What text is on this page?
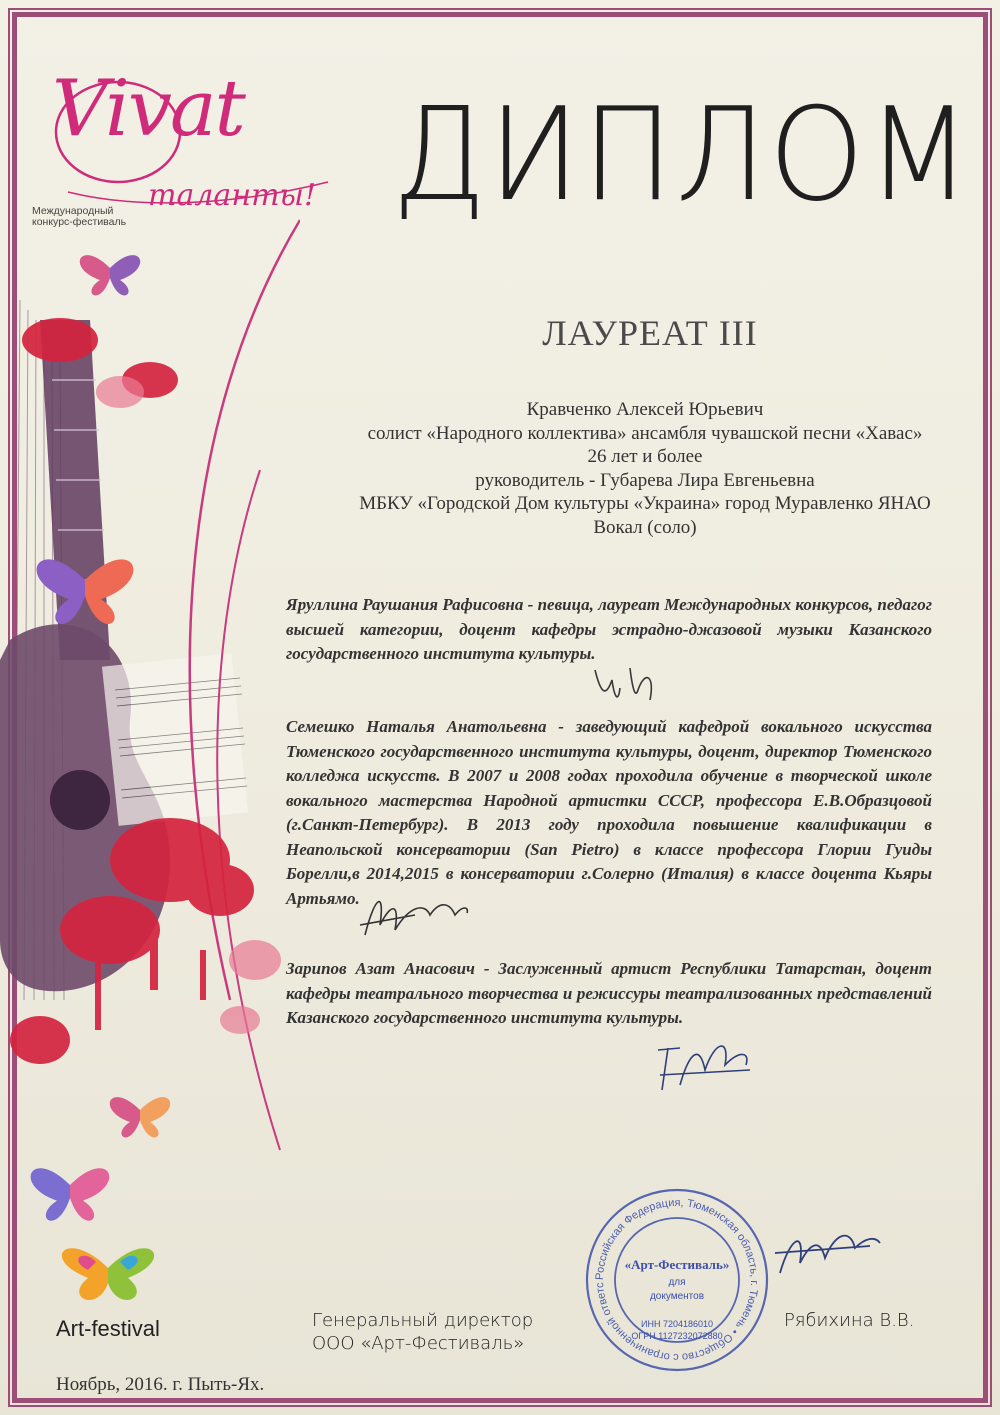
Vivat
таланты!
Международный
конкурс-фестиваль ДИПЛОМ
ЛАУРЕАТ III
Кравченко Алексей Юрьевич
солист «Народного коллектива» ансамбля чувашской песни «Хавас»
26 лет и более
руководитель - Губарева Лира Евгеньевна
МБКУ «Городской Дом культуры «Украина» город Муравленко ЯНАО
Вокал (соло)
Яруллина Раушания Рафисовна - певица, лауреат Международных конкурсов, педагог высшей категории, доцент кафедры эстрадно-джазовой музыки Казанского государственного института культуры.
Семешко Наталья Анатольевна - заведующий кафедрой вокального искусства Тюменского государственного института культуры, доцент, директор Тюменского колледжа искусств. В 2007 и 2008 годах проходила обучение в творческой школе вокального мастерства Народной артистки СССР, профессора Е.В.Образцовой (г.Санкт-Петербург). В 2013 году проходила повышение квалификации в Неапольской консерватории (San Pietro) в классе профессора Глории Гуиды Борелли,в 2014,2015 в консерватории г.Солерно (Италия) в классе доцента Кьяры Артьямо.
Зарипов Азат Анасович - Заслуженный артист Республики Татарстан, доцент кафедры театрального творчества и режиссуры театрализованных представлений Казанского государственного института культуры.
Российская Федерация, Тюменская область, г. Тюмень • Общество с ограниченной ответс
«Арт-Фестиваль»
для
документов
ИНН 7204186010
ОГРН 1127232072880
Art-festival
Ноябрь, 2016. г. Пыть-Ях.
Генеральный директор
ООО «Арт-Фестиваль»
Рябихина В.В.
